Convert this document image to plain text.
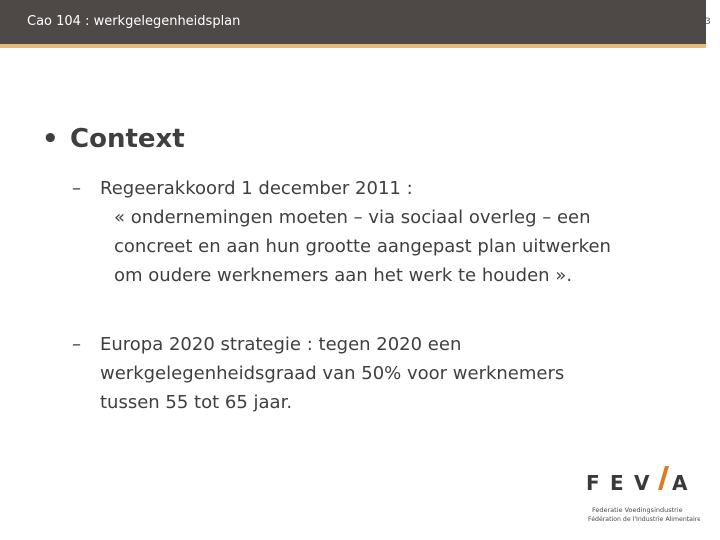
Cao 104 : werkgelegenheidsplan	3
• Context
– Regeerakkoord 1 december 2011 :
« ondernemingen moeten – via sociaal overleg – een
concreet en aan hun grootte aangepast plan uitwerken
om oudere werknemers aan het werk te houden ».
– Europa 2020 strategie : tegen 2020 een
werkgelegenheidsgraad van 50% voor werknemers
tussen 55 tot 65 jaar.
F E V A
Federatie Voedingsindustrie
Fédération de l'Industrie Alimentaire
